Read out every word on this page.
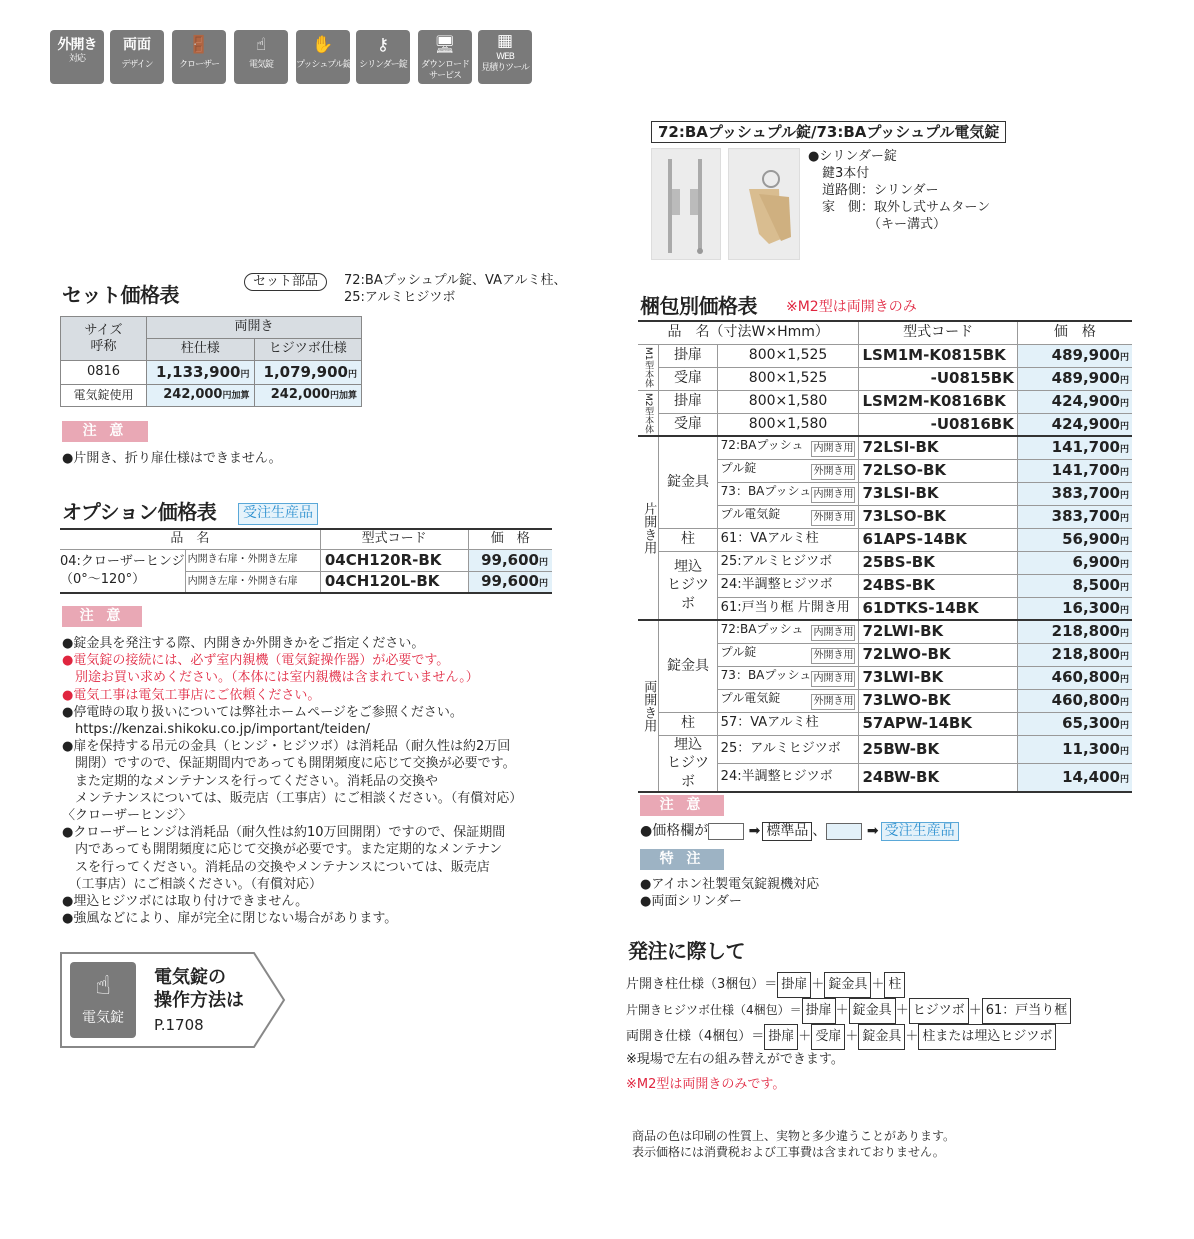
外開き
対応
両面
デザイン
🚪
クローザー
☝
電気錠
✋
プッシュプル錠
⚷
シリンダー錠
🖥
ダウンロード
サービス
▦
WEB
見積りツール
セット価格表
セット部品	72:BAプッシュプル錠、VAアルミ柱、
25:アルミヒジツボ
サイズ
呼称	両開き	
	柱仕様	ヒジツボ仕様
0816	1,133,900円	1,079,900円
電気錠使用	242,000円加算	242,000円加算
注 意
●片開き、折り扉仕様はできません。
オプション価格表	受注生産品
品　名		型式コード	価　格
04:クローザーヒンジ
（0°〜120°）	内開き右扉・外開き左扉	04CH120R-BK	99,600円
	内開き左扉・外開き右扉	04CH120L-BK	99,600円
注 意
●錠金具を発注する際、内開きか外開きかをご指定ください。
●電気錠の接続には、必ず室内親機（電気錠操作器）が必要です。
　別途お買い求めください。（本体には室内親機は含まれていません。）
●電気工事は電気工事店にご依頼ください。
●停電時の取り扱いについては弊社ホームページをご参照ください。
　https://kenzai.shikoku.co.jp/important/teiden/
●扉を保持する吊元の金具（ヒンジ・ヒジツボ）は消耗品（耐久性は約2万回
　開閉）ですので、保証期間内であっても開閉頻度に応じて交換が必要です。
　また定期的なメンテナンスを行ってください。消耗品の交換や
　メンテナンスについては、販売店（工事店）にご相談ください。（有償対応）
〈クローザーヒンジ〉
●クローザーヒンジは消耗品（耐久性は約10万回開閉）ですので、保証期間
　内であっても開閉頻度に応じて交換が必要です。また定期的なメンテナン
　スを行ってください。消耗品の交換やメンテナンスについては、販売店
　（工事店）にご相談ください。（有償対応）
●埋込ヒジツボには取り付けできません。
●強風などにより、扉が完全に閉じない場合があります。
☝
電気錠
電気錠の
操作方法は
P.1708
72:BAプッシュプル錠/73:BAプッシュプル電気錠
●シリンダー錠
鍵3本付
道路側：シリンダー
家　側：取外し式サムターン
（キー溝式）
梱包別価格表 ※M2型は両開きのみ
品　名（寸法W×Hmm）			型式コード	価　格

M1型本体	掛扉	800×1,525	LSM1M-K0815BK	489,900円
	受扉	800×1,525	-U0815BK	489,900円

M2型本体	掛扉	800×1,580	LSM2M-K0816BK	424,900円
	受扉	800×1,580	-U0816BK	424,900円

片開き用	錠金具	72:BAプッシュ 内開き用	72LSI-BK	141,700円
		プル錠 外開き用	72LSO-BK	141,700円
		73：BAプッシュ 内開き用	73LSI-BK	383,700円
		プル電気錠 外開き用	73LSO-BK	383,700円
	柱	61：VAアルミ柱	61APS-14BK	56,900円
	埋込
ヒジツボ	25:アルミヒジツボ	25BS-BK	6,900円
		24:半調整ヒジツボ	24BS-BK	8,500円
		61:戸当り框 片開き用	61DTKS-14BK	16,300円

両開き用	錠金具	72:BAプッシュ 内開き用	72LWI-BK	218,800円
		プル錠 外開き用	72LWO-BK	218,800円
		73：BAプッシュ 内開き用	73LWI-BK	460,800円
		プル電気錠 外開き用	73LWO-BK	460,800円
	柱	57：VAアルミ柱	57APW-14BK	65,300円
	埋込
ヒジツボ	25：アルミヒジツボ	25BW-BK	11,300円
		24:半調整ヒジツボ	24BW-BK	14,400円
注 意
●価格欄が	➡ 標準品 、	➡ 受注生産品
特 注
●アイホン社製電気錠親機対応
●両面シリンダー
発注に際して
片開き柱仕様（3梱包）＝ 掛扉 ＋ 錠金具 ＋ 柱
片開きヒジツボ仕様（4梱包）＝ 掛扉 ＋ 錠金具 ＋ ヒジツボ ＋ 61：戸当り框
両開き仕様（4梱包）＝ 掛扉 ＋ 受扉 ＋ 錠金具 ＋ 柱または埋込ヒジツボ
※現場で左右の組み替えができます。
※M2型は両開きのみです。
商品の色は印刷の性質上、実物と多少違うことがあります。
表示価格には消費税および工事費は含まれておりません。
